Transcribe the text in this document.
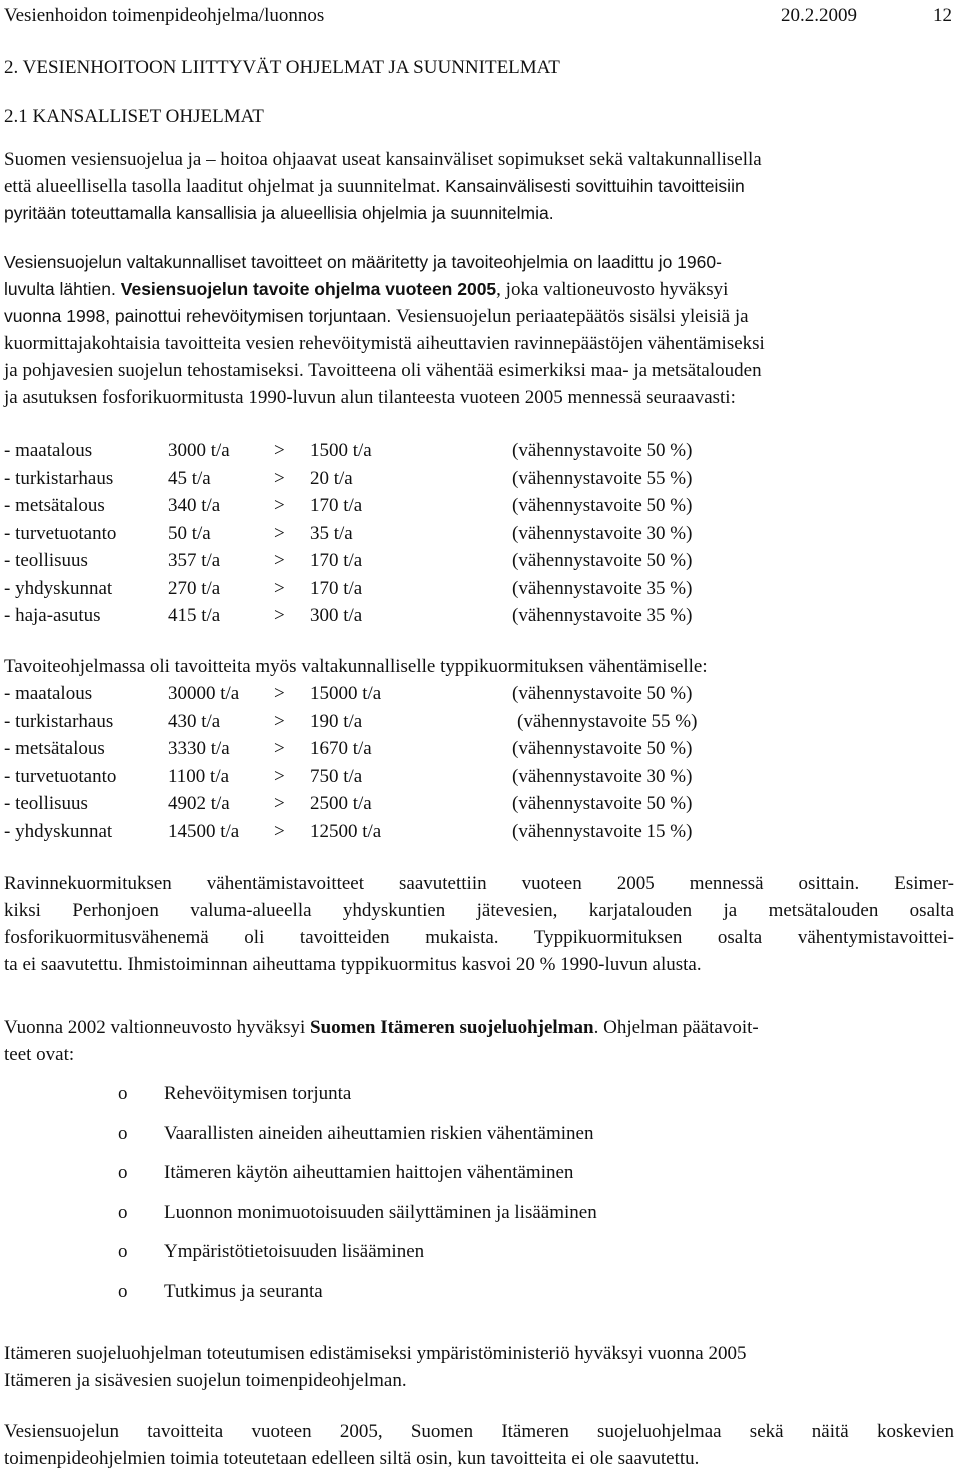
Vesienhoidon toimenpideohjelma/luonnos	20.2.2009	12
2. VESIENHOITOON LIITTYVÄT OHJELMAT JA SUUNNITELMAT
2.1 KANSALLISET OHJELMAT
Suomen vesiensuojelua ja – hoitoa ohjaavat useat kansainväliset sopimukset sekä valtakunnallisella
että alueellisella tasolla laaditut ohjelmat ja suunnitelmat. Kansainvälisesti sovittuihin tavoitteisiin
pyritään toteuttamalla kansallisia ja alueellisia ohjelmia ja suunnitelmia.
Vesiensuojelun valtakunnalliset tavoitteet on määritetty ja tavoiteohjelmia on laadittu jo 1960-
luvulta lähtien. Vesiensuojelun tavoite ohjelma vuoteen 2005, joka valtioneuvosto hyväksyi
vuonna 1998, painottui rehevöitymisen torjuntaan. Vesiensuojelun periaatepäätös sisälsi yleisiä ja
kuormittajakohtaisia tavoitteita vesien rehevöitymistä aiheuttavien ravinnepäästöjen vähentämiseksi
ja pohjavesien suojelun tehostamiseksi. Tavoitteena oli vähentää esimerkiksi maa- ja metsätalouden
ja asutuksen fosforikuormitusta 1990-luvun alun tilanteesta vuoteen 2005 mennessä seuraavasti:
- maatalous	3000 t/a > 1500 t/a	(vähennystavoite 50 %)
- turkistarhaus	45 t/a	> 20 t/a	(vähennystavoite 55 %)
- metsätalous	340 t/a	> 170 t/a	(vähennystavoite 50 %)
- turvetuotanto	50 t/a	> 35 t/a	(vähennystavoite 30 %)
- teollisuus	357 t/a	> 170 t/a	(vähennystavoite 50 %)
- yhdyskunnat	270 t/a	> 170 t/a	(vähennystavoite 35 %)
- haja-asutus	415 t/a	> 300 t/a	(vähennystavoite 35 %)
Tavoiteohjelmassa oli tavoitteita myös valtakunnalliselle typpikuormituksen vähentämiselle:
- maatalous	30000 t/a > 15000 t/a	(vähennystavoite 50 %)
- turkistarhaus	430 t/a	> 190 t/a	(vähennystavoite 55 %)
- metsätalous	3330 t/a > 1670 t/a	(vähennystavoite 50 %)
- turvetuotanto	1100 t/a > 750 t/a	(vähennystavoite 30 %)
- teollisuus	4902 t/a > 2500 t/a	(vähennystavoite 50 %)
- yhdyskunnat	14500 t/a > 12500 t/a	(vähennystavoite 15 %)
Ravinnekuormituksen vähentämistavoitteet saavutettiin vuoteen 2005 mennessä osittain. Esimer-
kiksi Perhonjoen valuma-alueella yhdyskuntien jätevesien, karjatalouden ja metsätalouden osalta
fosforikuormitusvähenemä oli tavoitteiden mukaista. Typpikuormituksen osalta vähentymistavoittei-
ta ei saavutettu. Ihmistoiminnan aiheuttama typpikuormitus kasvoi 20 % 1990-luvun alusta.
Vuonna 2002 valtionneuvosto hyväksyi Suomen Itämeren suojeluohjelman. Ohjelman päätavoit-
teet ovat:
o Rehevöitymisen torjunta
o Vaarallisten aineiden aiheuttamien riskien vähentäminen
o Itämeren käytön aiheuttamien haittojen vähentäminen
o Luonnon monimuotoisuuden säilyttäminen ja lisääminen
o Ympäristötietoisuuden lisääminen
o Tutkimus ja seuranta
Itämeren suojeluohjelman toteutumisen edistämiseksi ympäristöministeriö hyväksyi vuonna 2005
Itämeren ja sisävesien suojelun toimenpideohjelman.
Vesiensuojelun tavoitteita vuoteen 2005, Suomen Itämeren suojeluohjelmaa sekä näitä koskevien
toimenpideohjelmien toimia toteutetaan edelleen siltä osin, kun tavoitteita ei ole saavutettu.
